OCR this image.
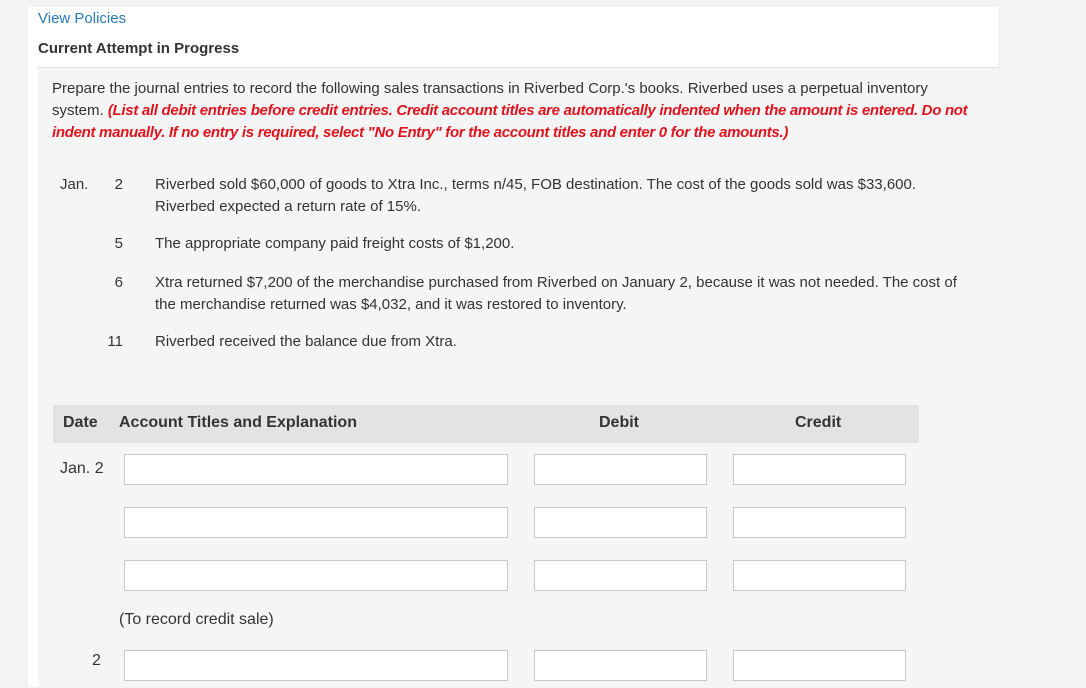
View Policies
Current Attempt in Progress
Prepare the journal entries to record the following sales transactions in Riverbed Corp.'s books. Riverbed uses a perpetual inventory system. (List all debit entries before credit entries. Credit account titles are automatically indented when the amount is entered. Do not indent manually. If no entry is required, select "No Entry" for the account titles and enter 0 for the amounts.)
Jan.	2 Riverbed sold $60,000 of goods to Xtra Inc., terms n/45, FOB destination. The cost of the goods sold was $33,600. Riverbed expected a return rate of 15%.
5 The appropriate company paid freight costs of $1,200.
6 Xtra returned $7,200 of the merchandise purchased from Riverbed on January 2, because it was not needed. The cost of the merchandise returned was $4,032, and it was restored to inventory.
11 Riverbed received the balance due from Xtra.
Date Account Titles and Explanation	Debit	Credit
Jan. 2
(To record credit sale)
2
